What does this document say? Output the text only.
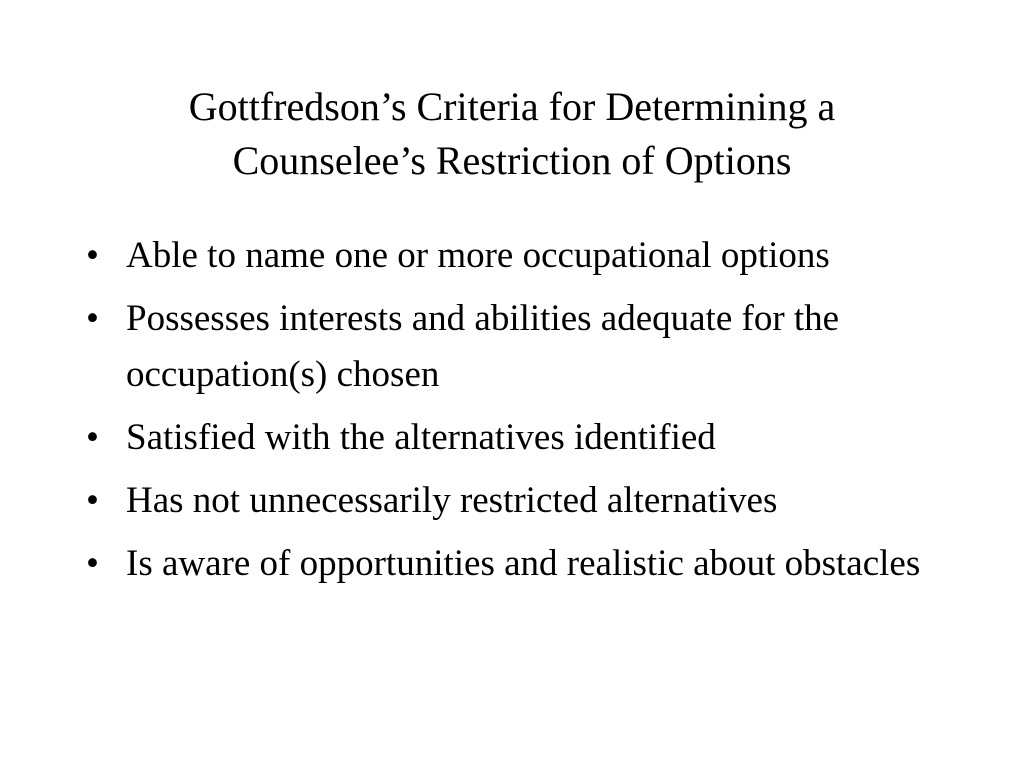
Gottfredson’s Criteria for Determining a
Counselee’s Restriction of Options
• Able to name one or more occupational options
• Possesses interests and abilities adequate for the occupation(s) chosen
• Satisfied with the alternatives identified
• Has not unnecessarily restricted alternatives
• Is aware of opportunities and realistic about obstacles
